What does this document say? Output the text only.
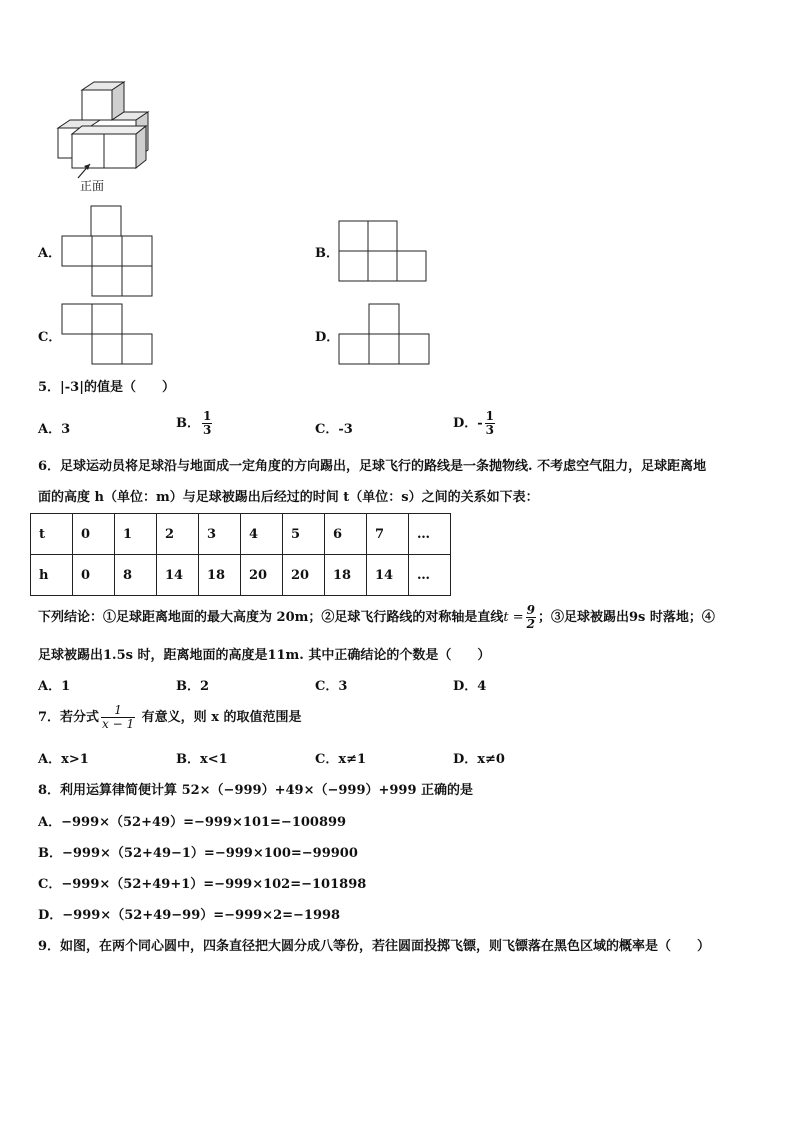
正面
A．	B．
C．	D．
5．|-3|的值是（　　）
A．3	B． $\frac{1}{3}$	C．-3	D．- $\frac{1}{3}$
6．足球运动员将足球沿与地面成一定角度的方向踢出，足球飞行的路线是一条抛物线. 不考虑空气阻力，足球距离地
面的高度 h（单位：m）与足球被踢出后经过的时间 t（单位：s）之间的关系如下表：
t	0	1	2	3	4	5	6	7	…
h	0	8	14	18	20	20	18	14	…
下列结论：①足球距离地面的最大高度为 20m；②足球飞行路线的对称轴是直线$t = \frac{9}{2}$ ；③足球被踢出9s 时落地；④
足球被踢出1.5s 时，距离地面的高度是11m. 其中正确结论的个数是（　　）
A．1	B．2	C．3	D．4
7．若分式 $\frac{1}{x - 1}$ 有意义，则 x 的取值范围是
A．x>1	B．x<1	C．x≠1	D．x≠0
8．利用运算律简便计算 52×（−999）+49×（−999）+999 正确的是
A．−999×（52+49）=−999×101=−100899
B．−999×（52+49−1）=−999×100=−99900
C．−999×（52+49+1）=−999×102=−101898
D．−999×（52+49−99）=−999×2=−1998
9．如图，在两个同心圆中，四条直径把大圆分成八等份，若往圆面投掷飞镖，则飞镖落在黑色区域的概率是（　　）
